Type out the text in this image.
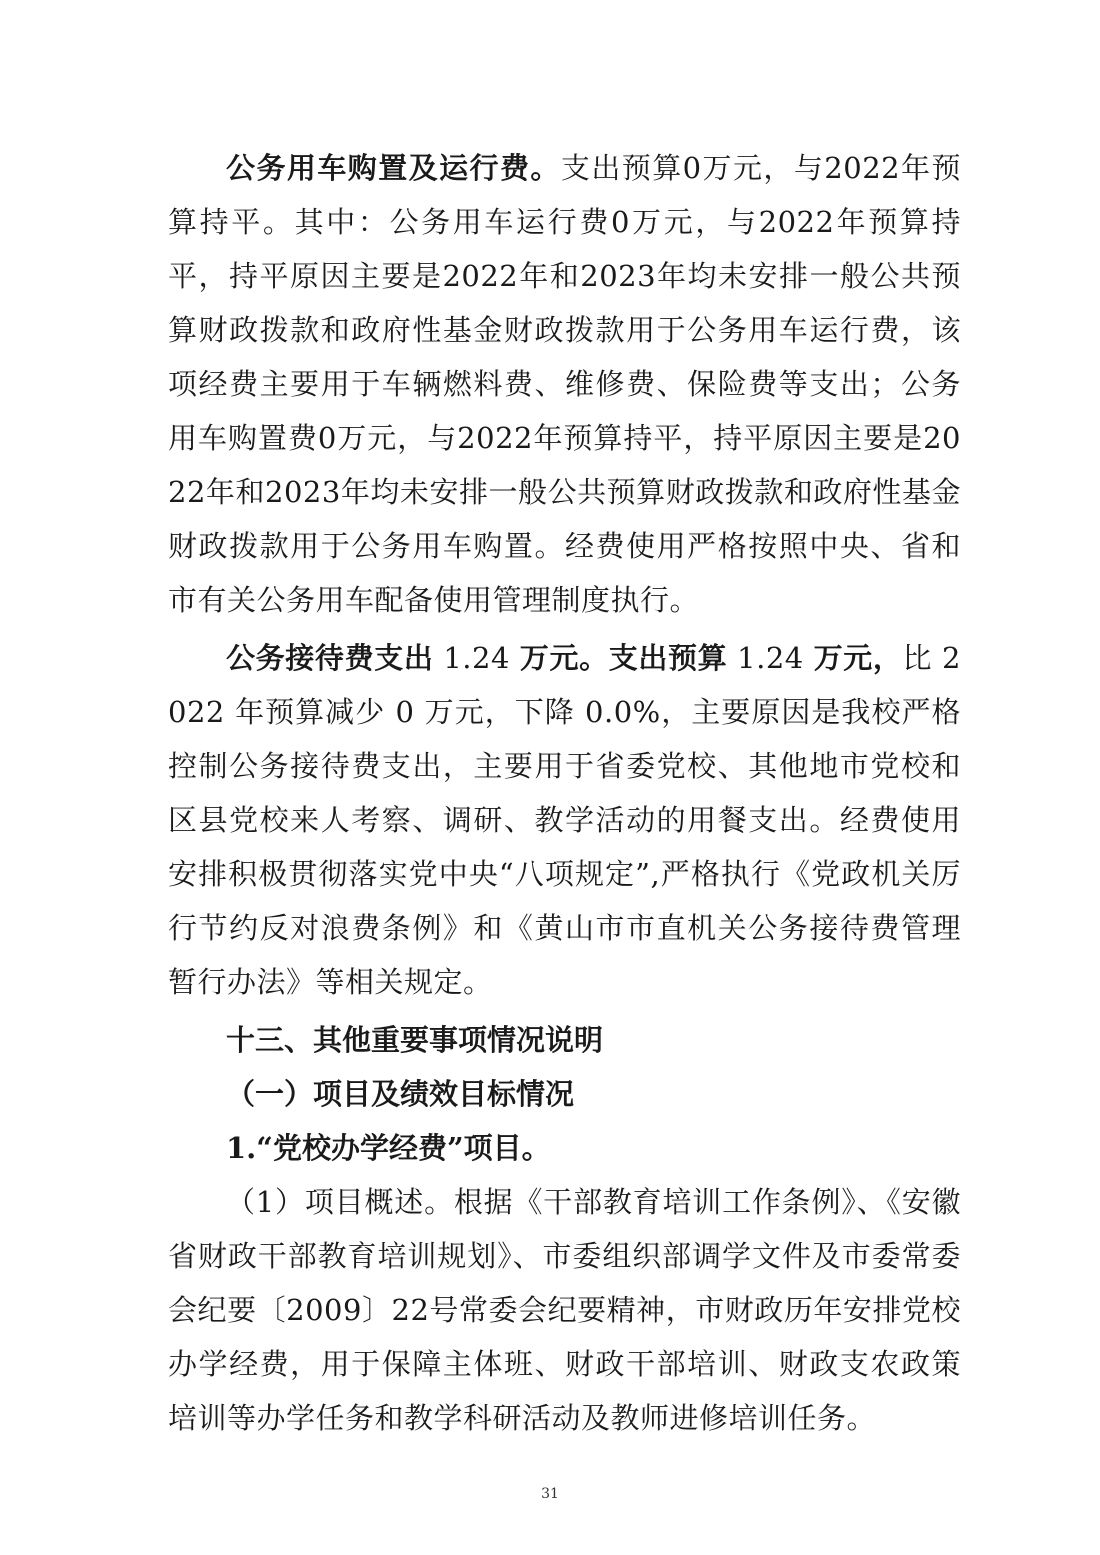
公务用车购置及运行费。支出预算0万元，与2022年预算持平。其中：公务用车运行费0万元，与2022年预算持平，持平原因主要是2022年和2023年均未安排一般公共预算财政拨款和政府性基金财政拨款用于公务用车运行费，该项经费主要用于车辆燃料费、维修费、保险费等支出；公务用车购置费0万元，与2022年预算持平，持平原因主要是2022年和2023年均未安排一般公共预算财政拨款和政府性基金财政拨款用于公务用车购置。经费使用严格按照中央、省和市有关公务用车配备使用管理制度执行。

公务接待费支出 1.24 万元。支出预算 1.24 万元，比 2022 年预算减少 0 万元，下降 0.0%，主要原因是我校严格控制公务接待费支出，主要用于省委党校、其他地市党校和区县党校来人考察、调研、教学活动的用餐支出。经费使用安排积极贯彻落实党中央“八项规定”,严格执行《党政机关厉行节约反对浪费条例》和《黄山市市直机关公务接待费管理暂行办法》等相关规定。

十三、其他重要事项情况说明

（一）项目及绩效目标情况

1.“党校办学经费”项目。

（1）项目概述。根据《干部教育培训工作条例》、《安徽省财政干部教育培训规划》、市委组织部调学文件及市委常委会纪要〔2009〕22号常委会纪要精神，市财政历年安排党校办学经费，用于保障主体班、财政干部培训、财政支农政策培训等办学任务和教学科研活动及教师进修培训任务。

31
